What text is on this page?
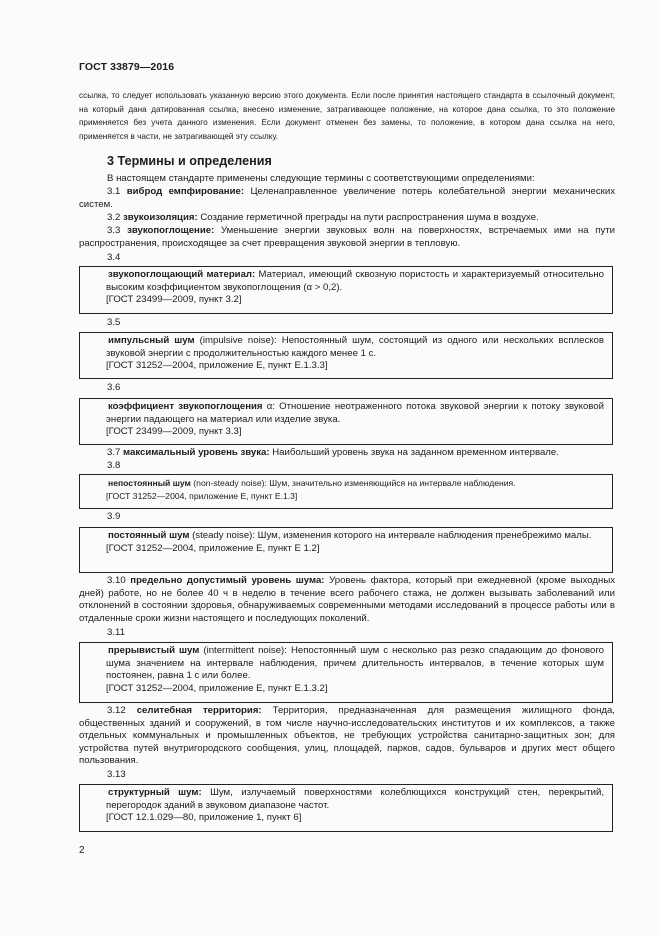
ГОСТ 33879—2016

ссылка, то следует использовать указанную версию этого документа. Если после принятия настоящего стандарта в ссылочный документ, на который дана датированная ссылка, внесено изменение, затрагивающее положение, на которое дана ссылка, то это положение применяется без учета данного изменения. Если документ отменен без замены, то положение, в котором дана ссылка на него, применяется в части, не затрагивающей эту ссылку.

3 Термины и определения

В настоящем стандарте применены следующие термины с соответствующими определениями:

3.1 виброд емпфирование: Целенаправленное увеличение потерь колебательной энергии механических систем.

3.2 звукоизоляция: Создание герметичной преграды на пути распространения шума в воздухе.

3.3 звукопоглощение: Уменьшение энергии звуковых волн на поверхностях, встречаемых ими на пути распространения, происходящее за счет превращения звуковой энергии в тепловую.

3.4

звукопоглощающий материал: Материал, имеющий сквозную пористость и характеризуемый относительно высоким коэффициентом звукопоглощения (α > 0,2).

[ГОСТ 23499—2009, пункт 3.2]

3.5

импульсный шум (impulsive noise): Непостоянный шум, состоящий из одного или нескольких всплесков звуковой энергии с продолжительностью каждого менее 1 с.

[ГОСТ 31252—2004, приложение Е, пункт Е.1.3.3]

3.6

коэффициент звукопоглощения α: Отношение неотраженного потока звуковой энергии к потоку звуковой энергии падающего на материал или изделие звука.

[ГОСТ 23499—2009, пункт 3.3]

3.7 максимальный уровень звука: Наибольший уровень звука на заданном временном интервале.

3.8

непостоянный шум (non-steady noise): Шум, значительно изменяющийся на интервале наблюдения.

[ГОСТ 31252—2004, приложение Е, пункт Е.1.3]

3.9

постоянный шум (steady noise): Шум, изменения которого на интервале наблюдения пренебрежимо малы.

[ГОСТ 31252—2004, приложение Е, пункт Е 1.2]

3.10 предельно допустимый уровень шума: Уровень фактора, который при ежедневной (кроме выходных дней) работе, но не более 40 ч в неделю в течение всего рабочего стажа, не должен вызывать заболеваний или отклонений в состоянии здоровья, обнаруживаемых современными методами исследований в процессе работы или в отдаленные сроки жизни настоящего и последующих поколений.

3.11

прерывистый шум (intermittent noise): Непостоянный шум с несколько раз резко спадающим до фонового шума значением на интервале наблюдения, причем длительность интервалов, в течение которых шум постоянен, равна 1 с или более.

[ГОСТ 31252—2004, приложение Е, пункт Е.1.3.2]

3.12 селитебная территория: Территория, предназначенная для размещения жилищного фонда, общественных зданий и сооружений, в том числе научно-исследовательских институтов и их комплексов, а также отдельных коммунальных и промышленных объектов, не требующих устройства санитарно-защитных зон; для устройства путей внутригородского сообщения, улиц, площадей, парков, садов, бульваров и других мест общего пользования.

3.13

структурный шум: Шум, излучаемый поверхностями колеблющихся конструкций стен, перекрытий, перегородок зданий в звуковом диапазоне частот.

[ГОСТ 12.1.029—80, приложение 1, пункт 6]

2
